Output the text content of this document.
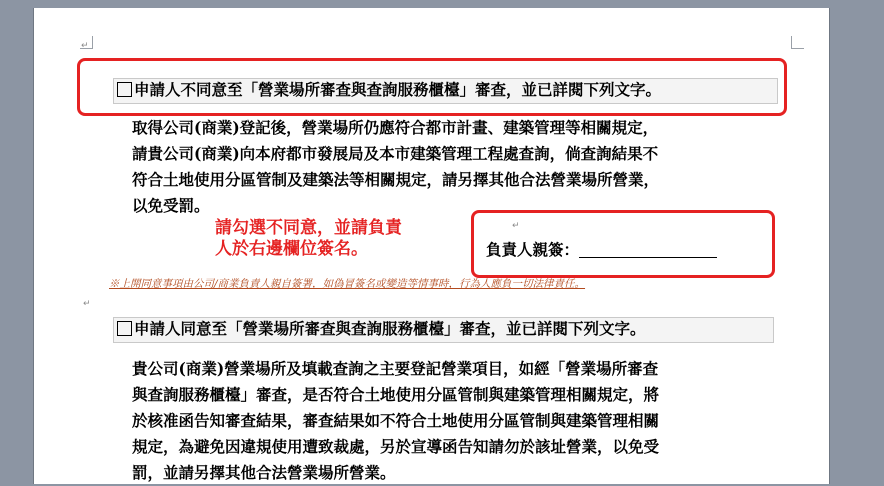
↵
申請人不同意至「營業場所審查與查詢服務櫃檯」審查，並已詳閱下列文字。
取得公司(商業)登記後，營業場所仍應符合都市計畫、建築管理等相關規定，
請貴公司(商業)向本府都市發展局及本市建築管理工程處查詢，倘查詢結果不
符合土地使用分區管制及建築法等相關規定，請另擇其他合法營業場所營業，
以免受罰。
請勾選不同意，並請負責
人於右邊欄位簽名。
↵
負責人親簽：
※上開同意事項由公司/商業負責人親自簽署，如偽冒簽名或變造等情事時，行為人應負一切法律責任。
↵
申請人同意至「營業場所審查與查詢服務櫃檯」審查，並已詳閱下列文字。
貴公司(商業)營業場所及填載查詢之主要登記營業項目，如經「營業場所審查
與查詢服務櫃檯」審查，是否符合土地使用分區管制與建築管理相關規定，將
於核准函告知審查結果，審查結果如不符合土地使用分區管制與建築管理相關
規定，為避免因違規使用遭致裁處，另於宣導函告知請勿於該址營業，以免受
罰，並請另擇其他合法營業場所營業。
